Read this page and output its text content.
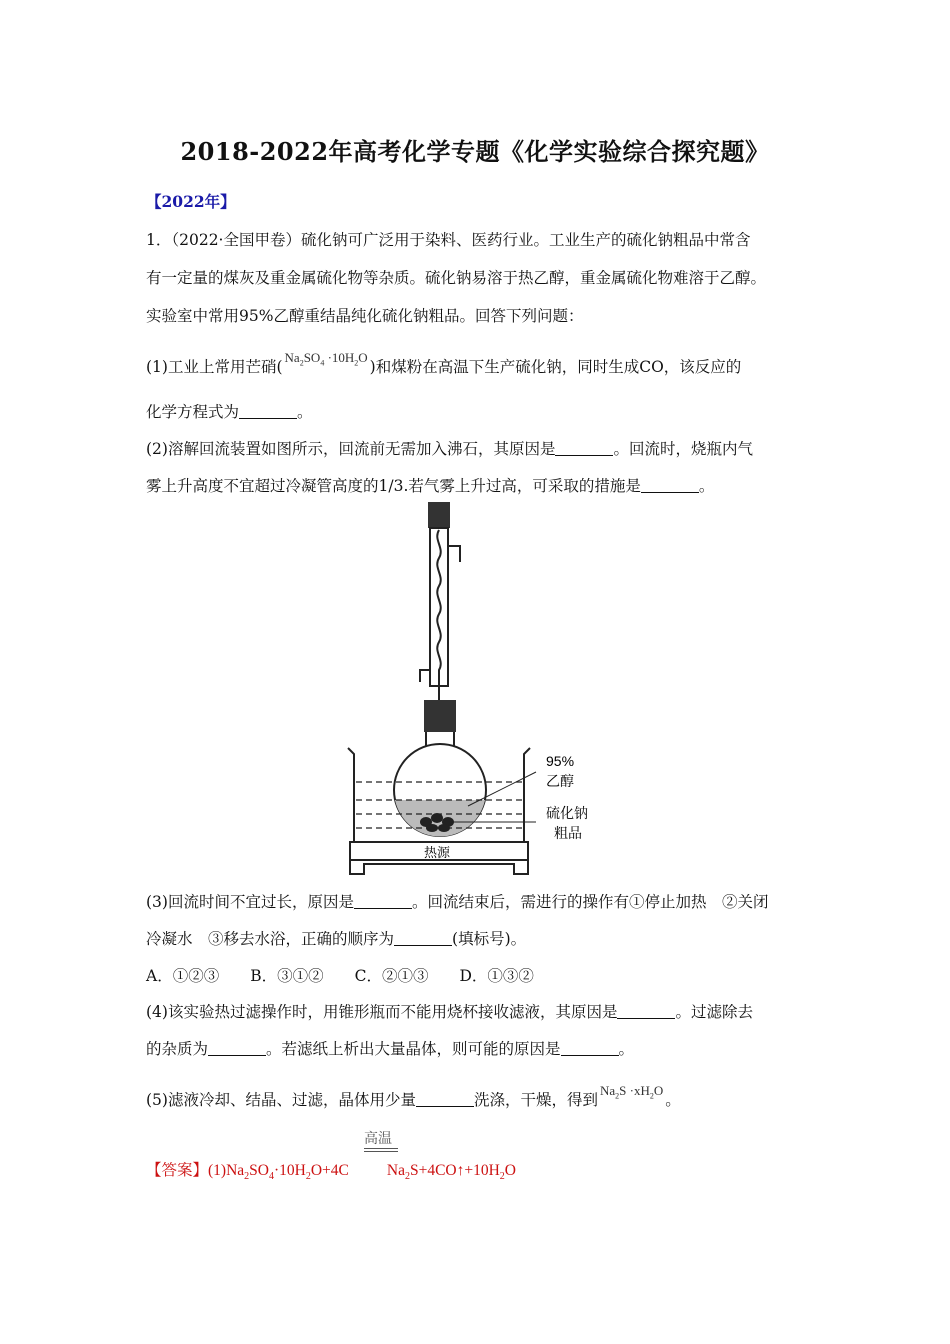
2018-2022年高考化学专题《化学实验综合探究题》
【2022年】
1．（2022·全国甲卷）硫化钠可广泛用于染料、医药行业。工业生产的硫化钠粗品中常含
有一定量的煤灰及重金属硫化物等杂质。硫化钠易溶于热乙醇，重金属硫化物难溶于乙醇。
实验室中常用95%乙醇重结晶纯化硫化钠粗品。回答下列问题：
(1)工业上常用芒硝$(Na_2SO_4 \cdot 10H_2O)$和煤粉在高温下生产硫化钠，同时生成CO，该反应的
化学方程式为	。
(2)溶解回流装置如图所示，回流前无需加入沸石，其原因是	。回流时，烧瓶内气
雾上升高度不宜超过冷凝管高度的1/3.若气雾上升过高，可采取的措施是	。
95%
乙醇
硫化钠
粗品
热源
(3)回流时间不宜过长，原因是	。回流结束后，需进行的操作有①停止加热　②关闭
冷凝水　③移去水浴，正确的顺序为	(填标号)。
A．①②③　　B．③①②　　C．②①③　　D．①③②
(4)该实验热过滤操作时，用锥形瓶而不能用烧杯接收滤液，其原因是	。过滤除去
的杂质为	。若滤纸上析出大量晶体，则可能的原因是	。
(5)滤液冷却、结晶、过滤，晶体用少量	洗涤，干燥，得到$Na_2S \cdot xH_2O$。
高温
【答案】$(1)Na_2SO_4\cdot 10H_2O+4C$ $Na_2S+4CO↑+10H_2O$
